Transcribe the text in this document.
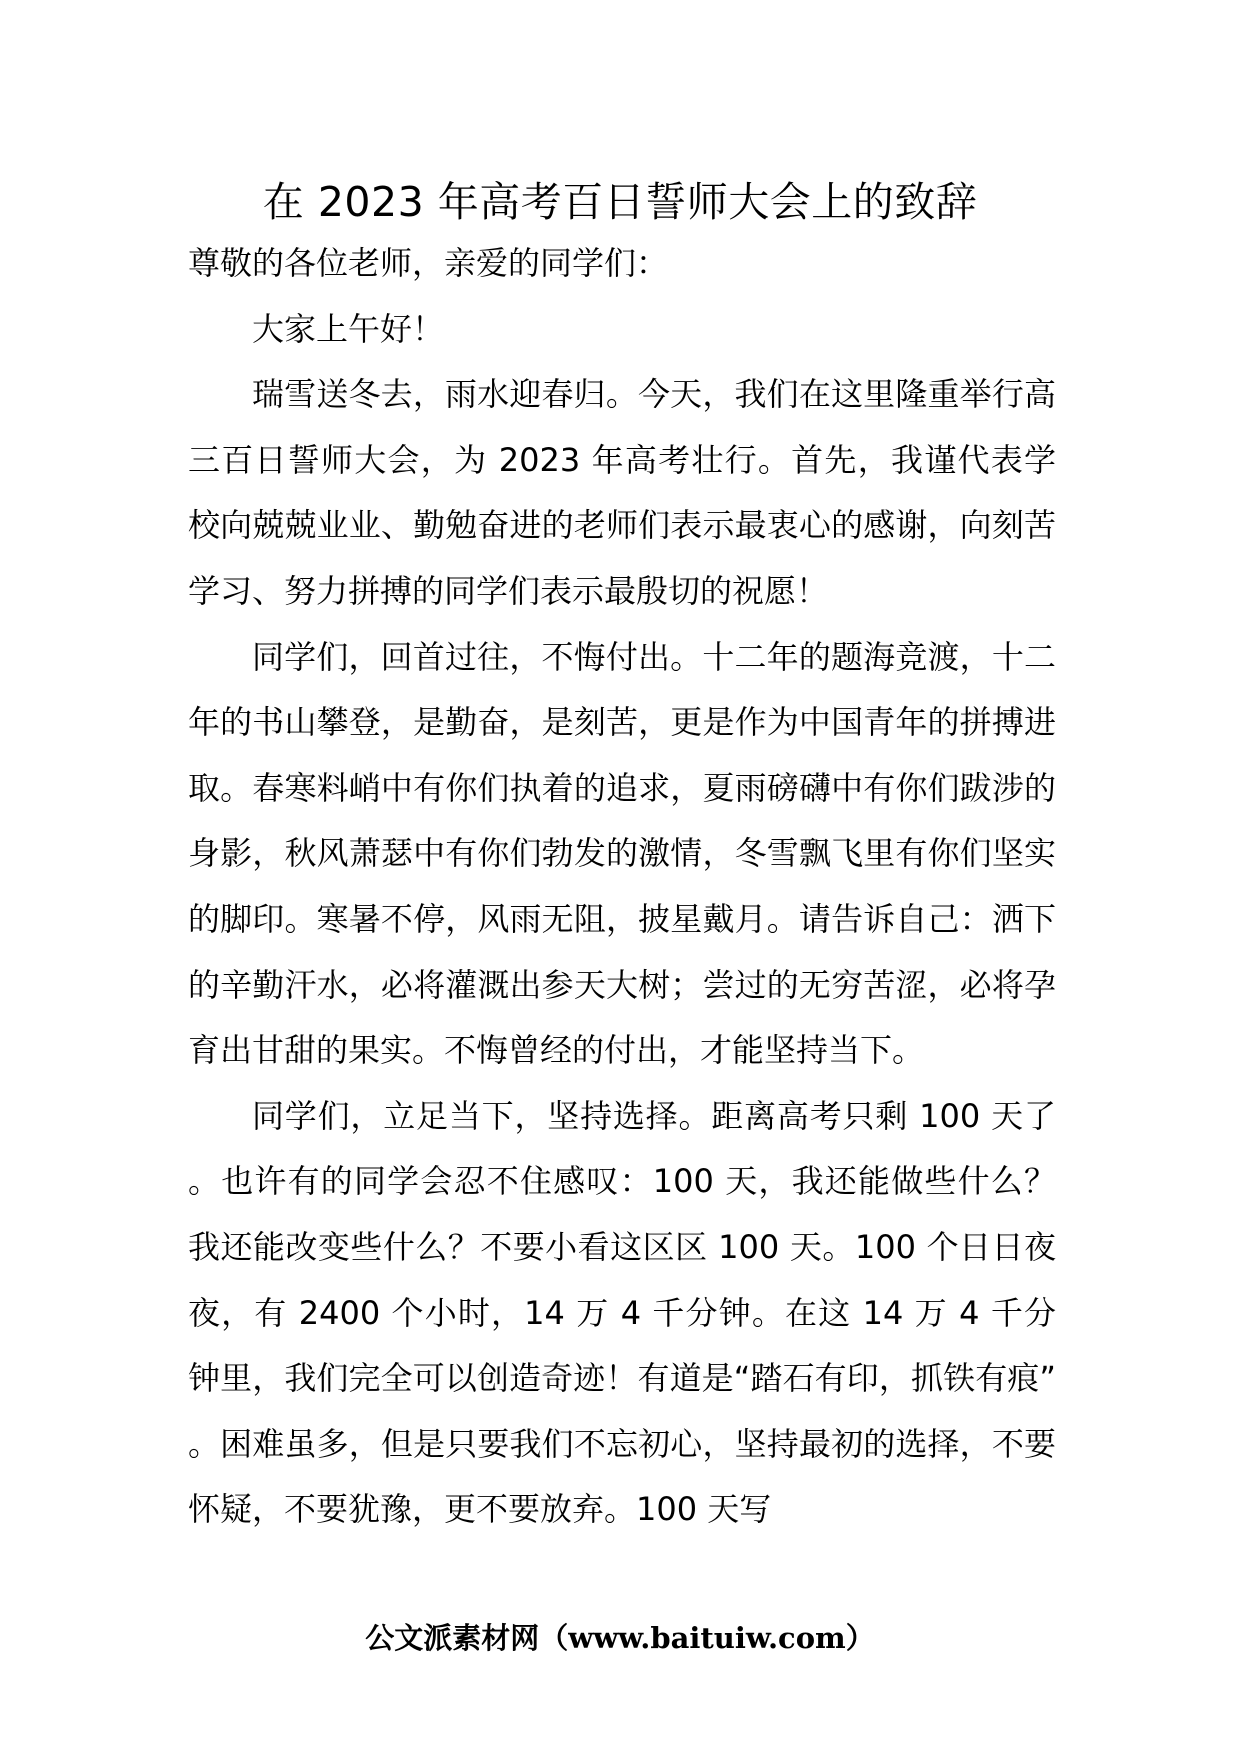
在 2023 年高考百日誓师大会上的致辞

尊敬的各位老师，亲爱的同学们：

大家上午好！

瑞雪送冬去，雨水迎春归。今天，我们在这里隆重举行高三百日誓师大会，为 2023 年高考壮行。首先，我谨代表学校向兢兢业业、勤勉奋进的老师们表示最衷心的感谢，向刻苦学习、努力拼搏的同学们表示最殷切的祝愿！

同学们，回首过往，不悔付出。十二年的题海竞渡，十二年的书山攀登，是勤奋，是刻苦，更是作为中国青年的拼搏进取。春寒料峭中有你们执着的追求，夏雨磅礴中有你们跋涉的身影，秋风萧瑟中有你们勃发的激情，冬雪飘飞里有你们坚实的脚印。寒暑不停，风雨无阻，披星戴月。请告诉自己：洒下的辛勤汗水，必将灌溉出参天大树；尝过的无穷苦涩，必将孕育出甘甜的果实。不悔曾经的付出，才能坚持当下。

同学们，立足当下，坚持选择。距离高考只剩 100 天了。也许有的同学会忍不住感叹：100 天，我还能做些什么？我还能改变些什么？不要小看这区区 100 天。100 个日日夜夜，有 2400 个小时，14 万 4 千分钟。在这 14 万 4 千分钟里，我们完全可以创造奇迹！有道是“踏石有印，抓铁有痕”。困难虽多，但是只要我们不忘初心，坚持最初的选择，不要怀疑，不要犹豫，更不要放弃。100 天写

公文派素材网（www.baituiw.com）
